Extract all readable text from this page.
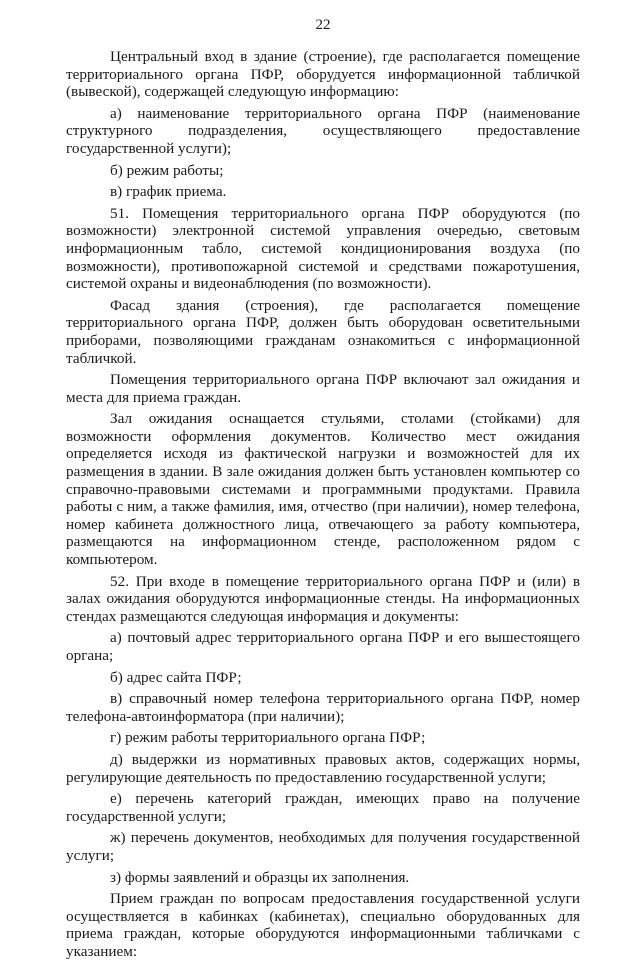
22

Центральный вход в здание (строение), где располагается помещение территориального органа ПФР, оборудуется информационной табличкой (вывеской), содержащей следующую информацию:

а) наименование территориального органа ПФР (наименование структурного подразделения, осуществляющего предоставление государственной услуги);

б) режим работы;

в) график приема.

51. Помещения территориального органа ПФР оборудуются (по возможности) электронной системой управления очередью, световым информационным табло, системой кондиционирования воздуха (по возможности), противопожарной системой и средствами пожаротушения, системой охраны и видеонаблюдения (по возможности).

Фасад здания (строения), где располагается помещение территориального органа ПФР, должен быть оборудован осветительными приборами, позволяющими гражданам ознакомиться с информационной табличкой.

Помещения территориального органа ПФР включают зал ожидания и места для приема граждан.

Зал ожидания оснащается стульями, столами (стойками) для возможности оформления документов. Количество мест ожидания определяется исходя из фактической нагрузки и возможностей для их размещения в здании. В зале ожидания должен быть установлен компьютер со справочно-правовыми системами и программными продуктами. Правила работы с ним, а также фамилия, имя, отчество (при наличии), номер телефона, номер кабинета должностного лица, отвечающего за работу компьютера, размещаются на информационном стенде, расположенном рядом с компьютером.

52. При входе в помещение территориального органа ПФР и (или) в залах ожидания оборудуются информационные стенды. На информационных стендах размещаются следующая информация и документы:

а) почтовый адрес территориального органа ПФР и его вышестоящего органа;

б) адрес сайта ПФР;

в) справочный номер телефона территориального органа ПФР, номер телефона-автоинформатора (при наличии);

г) режим работы территориального органа ПФР;

д) выдержки из нормативных правовых актов, содержащих нормы, регулирующие деятельность по предоставлению государственной услуги;

е) перечень категорий граждан, имеющих право на получение государственной услуги;

ж) перечень документов, необходимых для получения государственной услуги;

з) формы заявлений и образцы их заполнения.

Прием граждан по вопросам предоставления государственной услуги осуществляется в кабинках (кабинетах), специально оборудованных для приема граждан, которые оборудуются информационными табличками с указанием:
